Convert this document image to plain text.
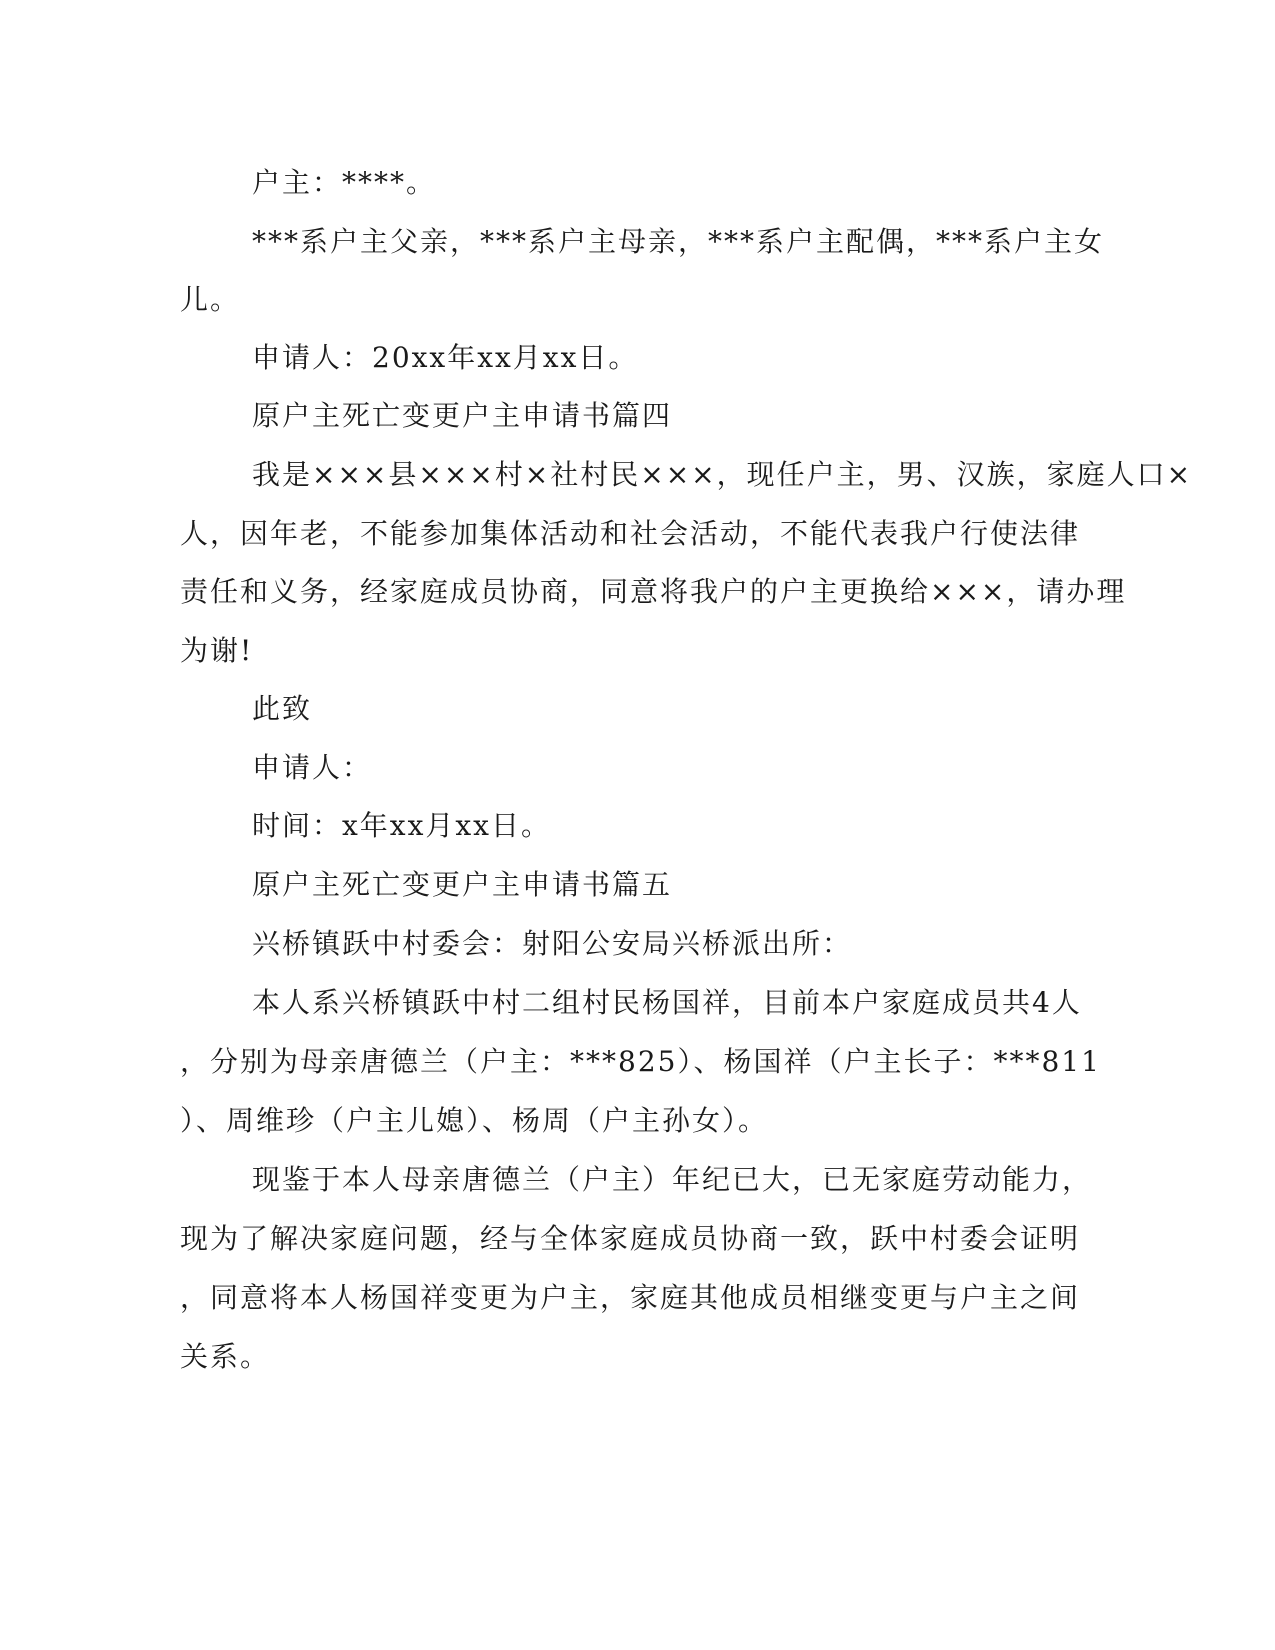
户主：****。

***系户主父亲，***系户主母亲，***系户主配偶，***系户主女

儿。

申请人：20xx年xx月xx日。

原户主死亡变更户主申请书篇四

我是×××县×××村×社村民×××，现任户主，男、汉族，家庭人口×

人，因年老，不能参加集体活动和社会活动，不能代表我户行使法律

责任和义务，经家庭成员协商，同意将我户的户主更换给×××，请办理

为谢!

此致

申请人：

时间：x年xx月xx日。

原户主死亡变更户主申请书篇五

兴桥镇跃中村委会：射阳公安局兴桥派出所：

本人系兴桥镇跃中村二组村民杨国祥，目前本户家庭成员共4人

，分别为母亲唐德兰（户主：***825）、杨国祥（户主长子：***811

）、周维珍（户主儿媳）、杨周（户主孙女）。

现鉴于本人母亲唐德兰（户主）年纪已大，已无家庭劳动能力，

现为了解决家庭问题，经与全体家庭成员协商一致，跃中村委会证明

，同意将本人杨国祥变更为户主，家庭其他成员相继变更与户主之间

关系。
